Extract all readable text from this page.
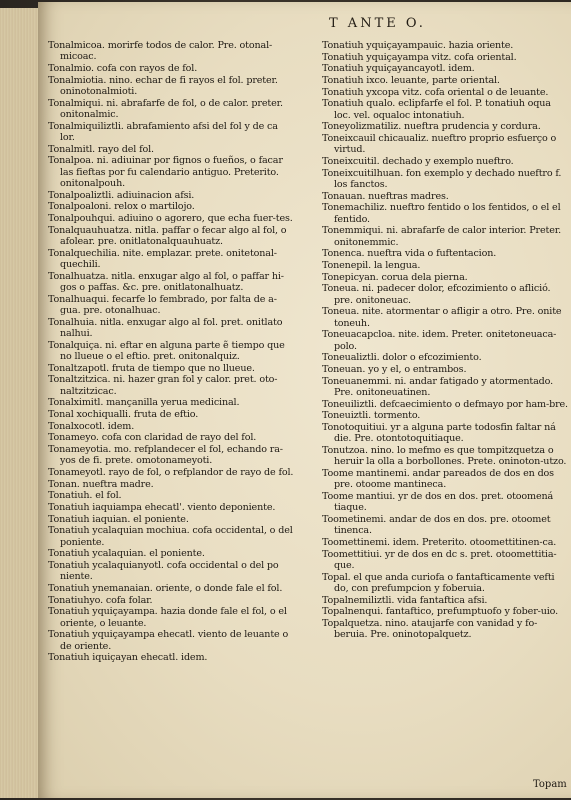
T ANTE O.
Tonalmicoa. morirfe todos de calor. Pre. otonal-micoac.
Tonalmio. cofa con rayos de fol.
Tonalmiotia. nino. echar de fi rayos el fol. preter. oninotonalmioti.
Tonalmiqui. ni. abrafarfe de fol, o de calor. preter. onitonalmic.
Tonalmiquiliztli. abrafamiento afsi del fol y de ca lor.
Tonalmitl. rayo del fol.
Tonalpoa. ni. adiuinar por fignos o fueños, o facar las fieftas por fu calendario antiguo. Preterito. onitonalpouh.
Tonalpoaliztli. adiuinacion afsi.
Tonalpoaloni. relox o martilojo.
Tonalpouhqui. adiuino o agorero, que echa fuer-tes.
Tonalquauhuatza. nitla. paffar o fecar algo al fol, o afolear. pre. onitlatonalquauhuatz.
Tonalquechilia. nite. emplazar. prete. onitetonal-quechili.
Tonalhuatza. nitla. enxugar algo al fol, o paffar hi-gos o paffas. &c. pre. onitlatonalhuatz.
Tonalhuaqui. fecarfe lo fembrado, por falta de a-gua. pre. otonalhuac.
Tonalhuia. nitla. enxugar algo al fol. pret. onitlato nalhui.
Tonalquiça. ni. eftar en alguna parte ẽ tiempo que no llueue o el eftio. pret. onitonalquiz.
Tonaltzapotl. fruta de tiempo que no llueue.
Tonaltzitzica. ni. hazer gran fol y calor. pret. oto-naltzitzicac.
Tonalximitl. mançanilla yerua medicinal.
Tonal xochiqualli. fruta de eftio.
Tonalxocotl. idem.
Tonameyo. cofa con claridad de rayo del fol.
Tonameyotia. mo. refplandecer el fol, echando ra-yos de fi. prete. omotonameyoti.
Tonameyotl. rayo de fol, o refplandor de rayo de fol.
Tonan. nueftra madre.
Tonatiuh. el fol.
Tonatiuh iaquiampa ehecatl'. viento deponiente.
Tonatiuh iaquian. el poniente.
Tonatiuh ycalaquian mochiua. cofa occidental, o del poniente.
Tonatiuh ycalaquian. el poniente.
Tonatiuh ycalaquianyotl. cofa occidental o del po niente.
Tonatiuh ynemanaian. oriente, o donde fale el fol.
Tonatiuhyo. cofa folar.
Tonatiuh yquiçayampa. hazia donde fale el fol, o el oriente, o leuante.
Tonatiuh yquiçayampa ehecatl. viento de leuante o de oriente.
Tonatiuh iquiçayan ehecatl. idem.
Tonatiuh yquiçayampauic. hazia oriente.
Tonatiuh yquiçayampa vitz. cofa oriental.
Tonatiuh yquiçayancayotl. idem.
Tonatiuh ixco. leuante, parte oriental.
Tonatiuh yxcopa vitz. cofa oriental o de leuante.
Tonatiuh qualo. eclipfarfe el fol. P. tonatiuh oqua loc. vel. oqualoc intonatiuh.
Toneyolizmatiliz. nueftra prudencia y cordura.
Toneixcauil chicaualiz. nueftro proprio esfuerço o virtud.
Toneixcuitil. dechado y exemplo nueftro.
Toneixcuitilhuan. fon exemplo y dechado nueftro f. los fanctos.
Tonauan. nueftras madres.
Tonemachiliz. nueftro fentido o los fentidos, o el el fentido.
Tonemmiqui. ni. abrafarfe de calor interior. Preter. onitonemmic.
Tonenca. nueftra vida o fuftentacion.
Tonenepil. la lengua.
Tonepicyan. corua dela pierna.
Toneua. ni. padecer dolor, efcozimiento o aflició. pre. onitoneuac.
Toneua. nite. atormentar o afligir a otro. Pre. onite toneuh.
Toneuacapcloa. nite. idem. Preter. onitetoneuaca-polo.
Toneualiztli. dolor o efcozimiento.
Toneuan. yo y el, o entrambos.
Toneuanemmi. ni. andar fatigado y atormentado. Pre. onitoneuatinen.
Toneuiliztli. defcaecimiento o defmayo por ham-bre.
Toneuiztli. tormento.
Tonotoquitiui. yr a alguna parte todosfin faltar ná die. Pre. otontotoquitiaque.
Tonutzoa. nino. lo mefmo es que tompitzquetza o heruir la olla a borbollones. Prete. oninoton-utzo.
Toome mantinemi. andar pareados de dos en dos pre. otoome mantineca.
Toome mantiui. yr de dos en dos. pret. otoomená tiaque.
Toometinemi. andar de dos en dos. pre. otoomet tinenca.
Toomettinemi. idem. Preterito. otoomettitinen-ca.
Toomettitiui. yr de dos en dc s. pret. otoomettitia-que.
Topal. el que anda curiofa o fantafticamente vefti do, con prefumpcion y foberuia.
Topalnemiliztli. vida fantaftica afsi.
Topalnenqui. fantaftico, prefumptuofo y fober-uio.
Topalquetza. nino. ataujarfe con vanidad y fo-beruia. Pre. oninotopalquetz.
Topam
